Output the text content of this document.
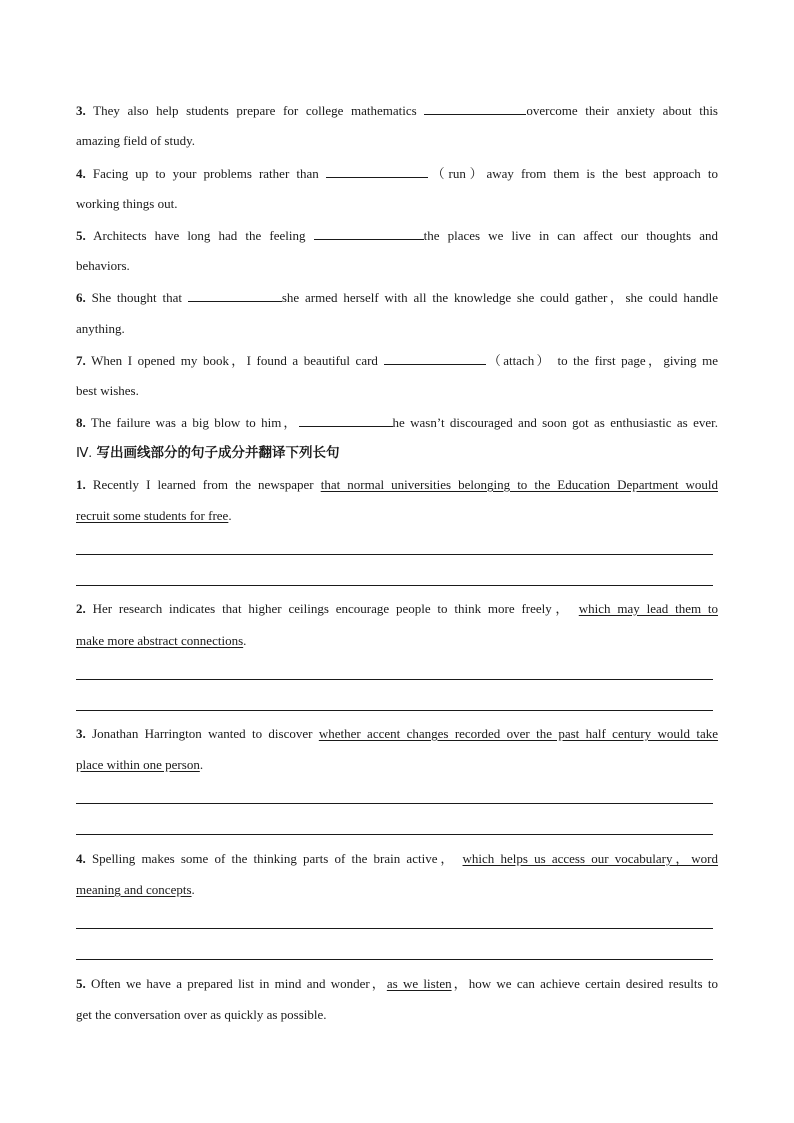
3. They also help students prepare for college mathematics	overcome their anxiety about this
amazing field of study.
4. Facing up to your problems rather than	（run）away from them is the best approach to
working things out.
5. Architects have long had the feeling	the places we live in can affect our thoughts and
behaviors.
6. She thought that	she armed herself with all the knowledge she could gather，she could handle
anything.
7. When I opened my book，I found a beautiful card	（attach） to the first page，giving me
best wishes.
8. The failure was a big blow to him，	he wasn’t discouraged and soon got as enthusiastic as ever.
Ⅳ. 写出画线部分的句子成分并翻译下列长句
1. Recently I learned from the newspaper that normal universities belonging to the Education Department would
recruit some students for free.
2. Her research indicates that higher ceilings encourage people to think more freely， which may lead them to
make more abstract connections.
3. Jonathan Harrington wanted to discover whether accent changes recorded over the past half century would take
place within one person.
4. Spelling makes some of the thinking parts of the brain active， which helps us access our vocabulary，word
meaning and concepts.
5. Often we have a prepared list in mind and wonder，as we listen，how we can achieve certain desired results to
get the conversation over as quickly as possible.
